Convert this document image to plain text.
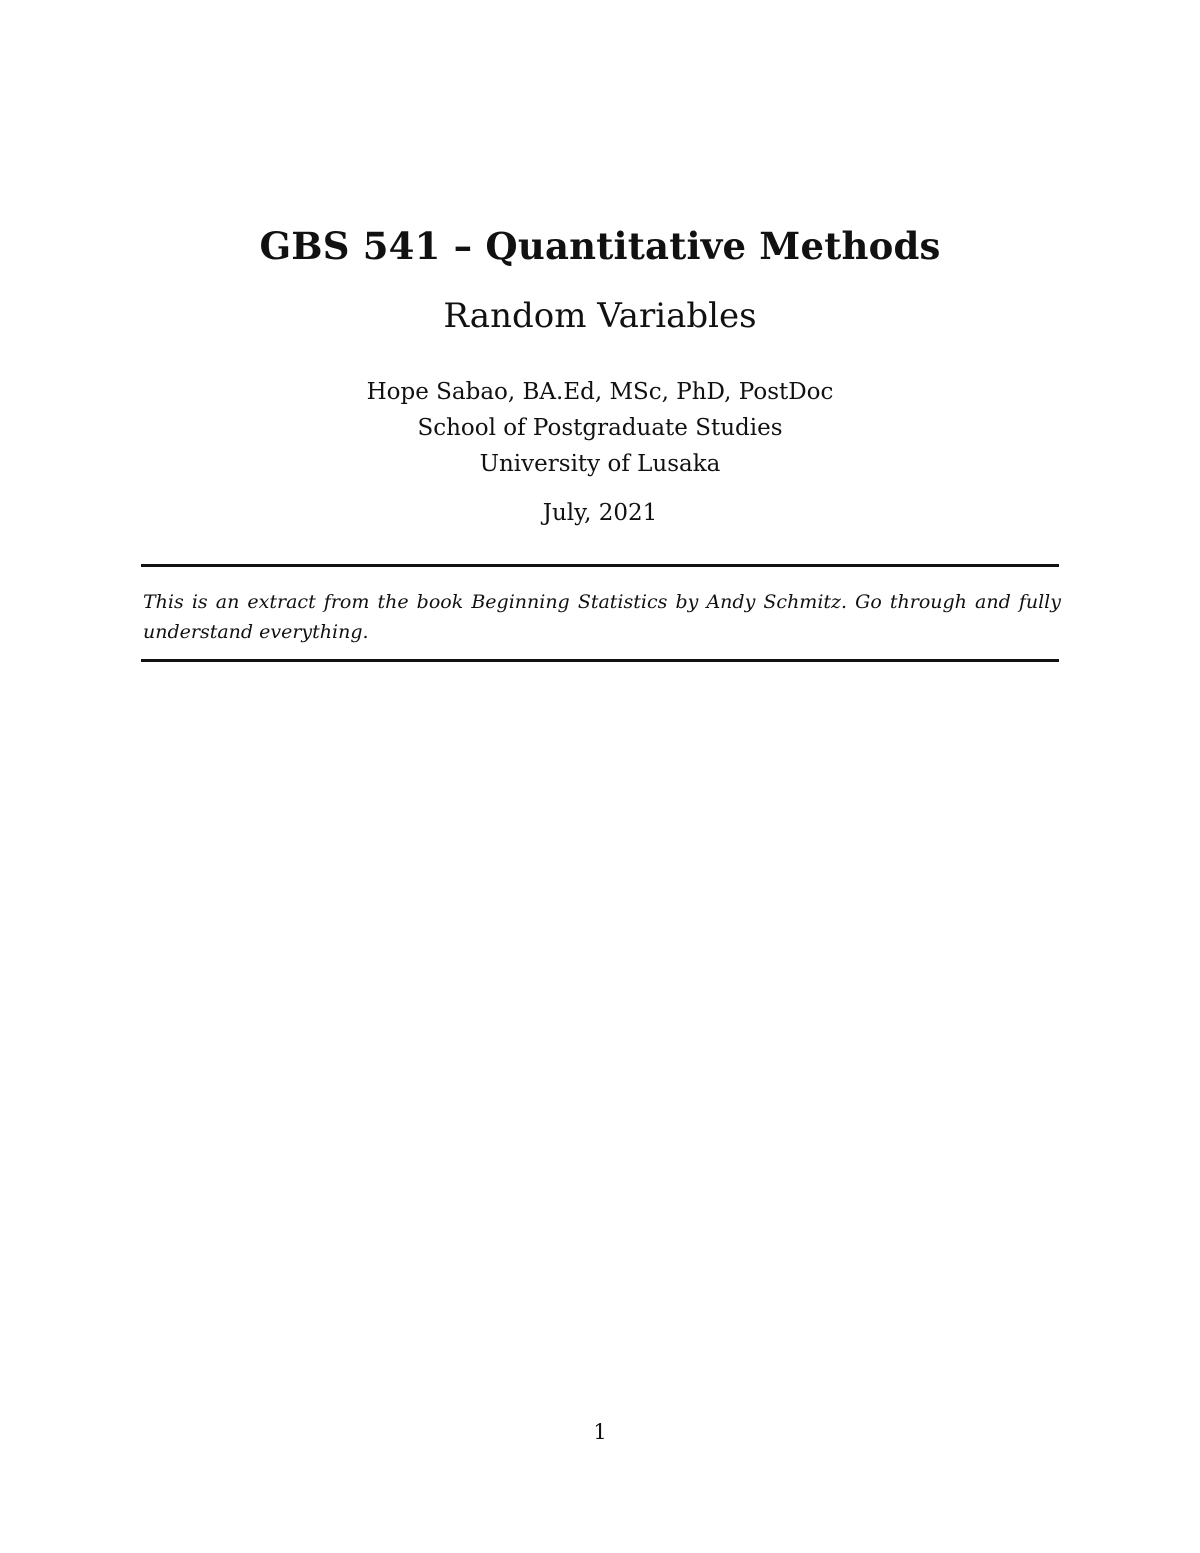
GBS 541 – Quantitative Methods
Random Variables
Hope Sabao, BA.Ed, MSc, PhD, PostDoc
School of Postgraduate Studies
University of Lusaka
July, 2021
This is an extract from the book Beginning Statistics by Andy Schmitz. Go through and fully understand everything.
1
